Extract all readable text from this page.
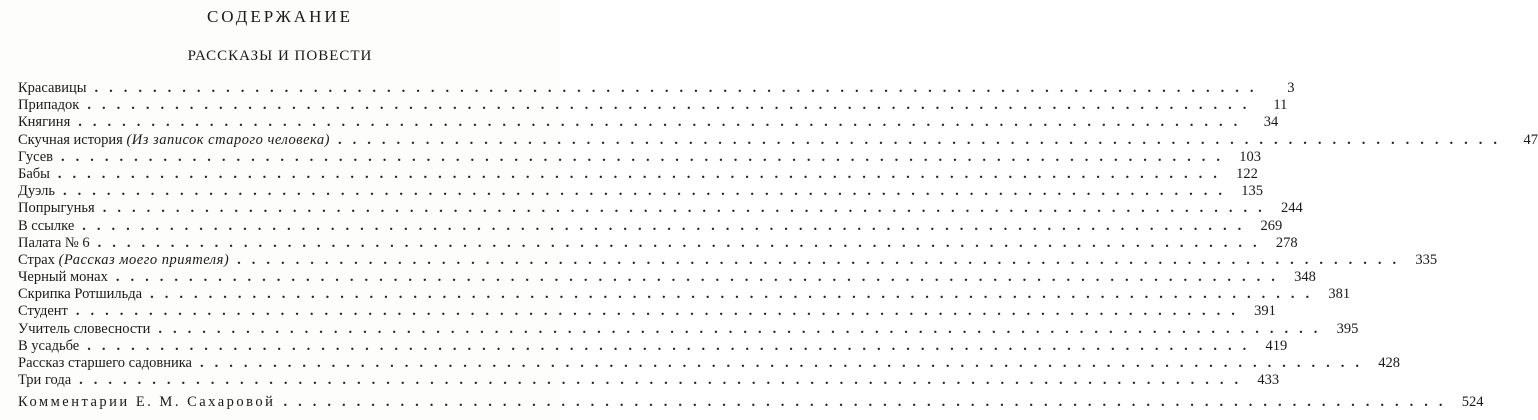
СОДЕРЖАНИЕ
РАССКАЗЫ И ПОВЕСТИ
Красавицы ................................................................................	3
Припадок ................................................................................	11
Княгиня ................................................................................	34
Скучная история (Из записок старого человека) ................................................................................	47
Гусев ................................................................................ 103
Бабы ................................................................................ 122
Дуэль ................................................................................ 135
Попрыгунья ................................................................................ 244
В ссылке ................................................................................ 269
Палата № 6 ................................................................................ 278
Страх (Рассказ моего приятеля) ................................................................................ 335
Черный монах ................................................................................ 348
Скрипка Ротшильда ................................................................................ 381
Студент ................................................................................ 391
Учитель словесности ................................................................................ 395
В усадьбе ................................................................................ 419
Рассказ старшего садовника ................................................................................ 428
Три года ................................................................................ 433
Комментарии Е. М. Сахаровой ................................................................................ 524
